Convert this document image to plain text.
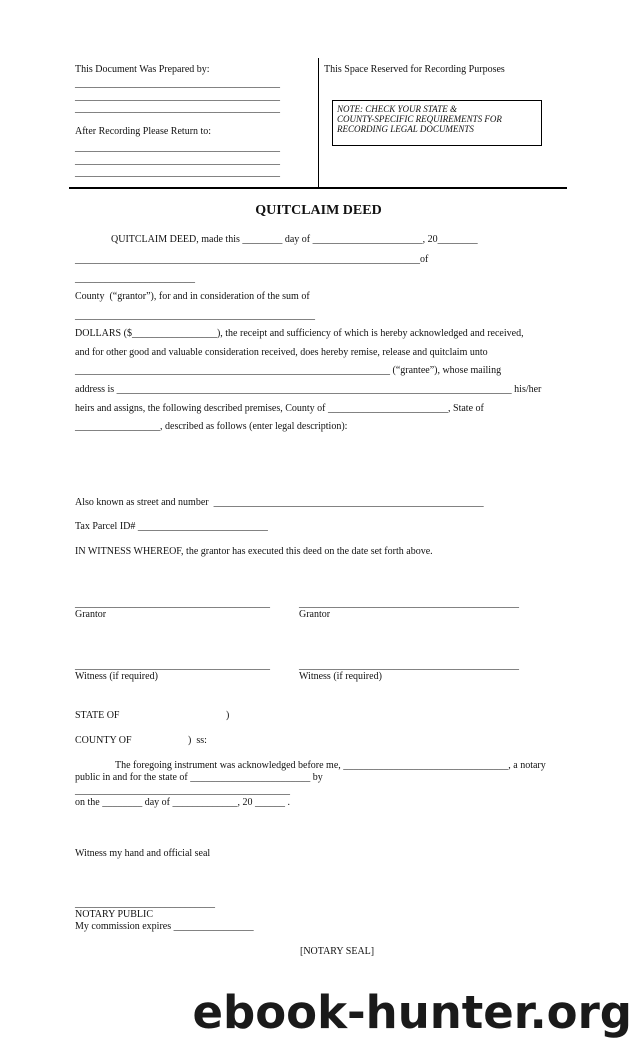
This Document Was Prepared by:
_________________________________________
_________________________________________
_________________________________________
After Recording Please Return to:
_________________________________________
_________________________________________
_________________________________________
This Space Reserved for Recording Purposes
NOTE: CHECK YOUR STATE &
COUNTY-SPECIFIC REQUIREMENTS FOR
RECORDING LEGAL DOCUMENTS
QUITCLAIM DEED
QUITCLAIM DEED, made this ________ day of ______________________, 20________
_____________________________________________________________________of
________________________
County  (“grantor”), for and in consideration of the sum of
________________________________________________
DOLLARS ($_________________), the receipt and sufficiency of which is hereby acknowledged and received,
and for other good and valuable consideration received, does hereby remise, release and quitclaim unto
_______________________________________________________________ (“grantee”), whose mailing
address is _______________________________________________________________________________ his/her
heirs and assigns, the following described premises, County of ________________________, State of
_________________, described as follows (enter legal description):
Also known as street and number  ______________________________________________________
Tax Parcel ID# __________________________
IN WITNESS WHEREOF, the grantor has executed this deed on the date set forth above.
_______________________________________	____________________________________________
Grantor	Grantor
_______________________________________	____________________________________________
Witness (if required)	Witness (if required)
STATE OF	)
COUNTY OF	)  ss:
The foregoing instrument was acknowledged before me, _________________________________, a notary
public in and for the state of ________________________ by
___________________________________________
on the ________ day of _____________, 20 ______ .
Witness my hand and official seal
____________________________
NOTARY PUBLIC
My commission expires ________________
[NOTARY SEAL]
ebook-hunter.org
